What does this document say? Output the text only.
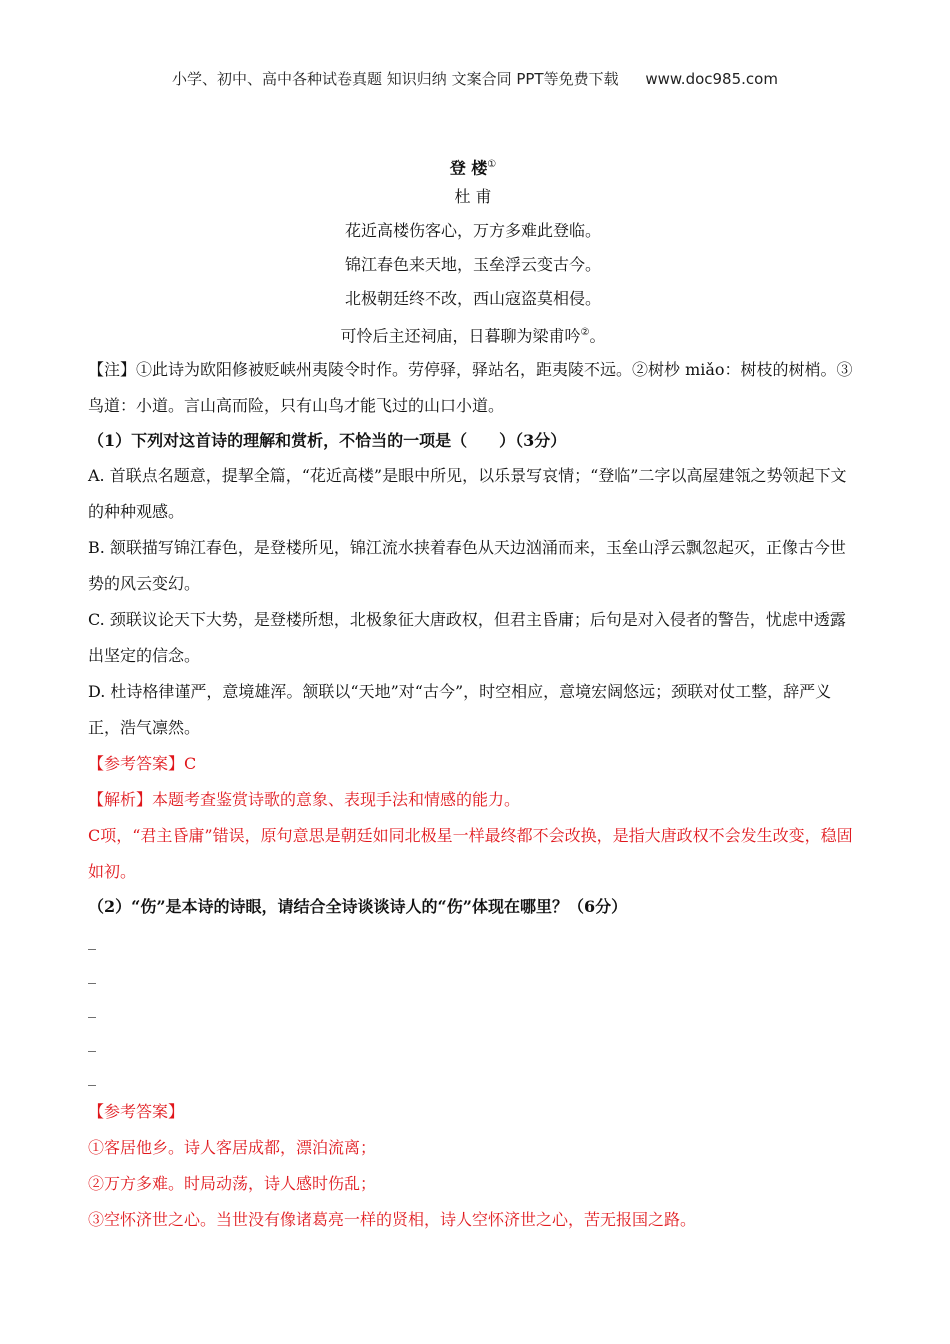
小学、初中、高中各种试卷真题 知识归纳 文案合同 PPT等免费下载 www.doc985.com
登 楼①
杜 甫
花近高楼伤客心，万方多难此登临。
锦江春色来天地，玉垒浮云变古今。
北极朝廷终不改，西山寇盗莫相侵。
可怜后主还祠庙，日暮聊为梁甫吟②。

【注】①此诗为欧阳修被贬峡州夷陵令时作。劳停驿，驿站名，距夷陵不远。②树杪 miǎo：树枝的树梢。③鸟道：小道。言山高而险，只有山鸟才能飞过的山口小道。

（1）下列对这首诗的理解和赏析，不恰当的一项是（　　）（3分）

A. 首联点名题意，提挈全篇，“花近高楼”是眼中所见，以乐景写哀情；“登临”二字以高屋建瓴之势领起下文的种种观感。

B. 颔联描写锦江春色，是登楼所见，锦江流水挟着春色从天边汹涌而来，玉垒山浮云飘忽起灭，正像古今世势的风云变幻。

C. 颈联议论天下大势，是登楼所想，北极象征大唐政权，但君主昏庸；后句是对入侵者的警告，忧虑中透露出坚定的信念。

D. 杜诗格律谨严，意境雄浑。颔联以“天地”对“古今”，时空相应，意境宏阔悠远；颈联对仗工整，辞严义正，浩气凛然。

【参考答案】C

【解析】本题考查鉴赏诗歌的意象、表现手法和情感的能力。

C项，“君主昏庸”错误，原句意思是朝廷如同北极星一样最终都不会改换，是指大唐政权不会发生改变，稳固如初。

（2）“伤”是本诗的诗眼，请结合全诗谈谈诗人的“伤”体现在哪里？（6分）

_

_

_

_

_

【参考答案】

①客居他乡。诗人客居成都，漂泊流离；

②万方多难。时局动荡，诗人感时伤乱；

③空怀济世之心。当世没有像诸葛亮一样的贤相，诗人空怀济世之心，苦无报国之路。
